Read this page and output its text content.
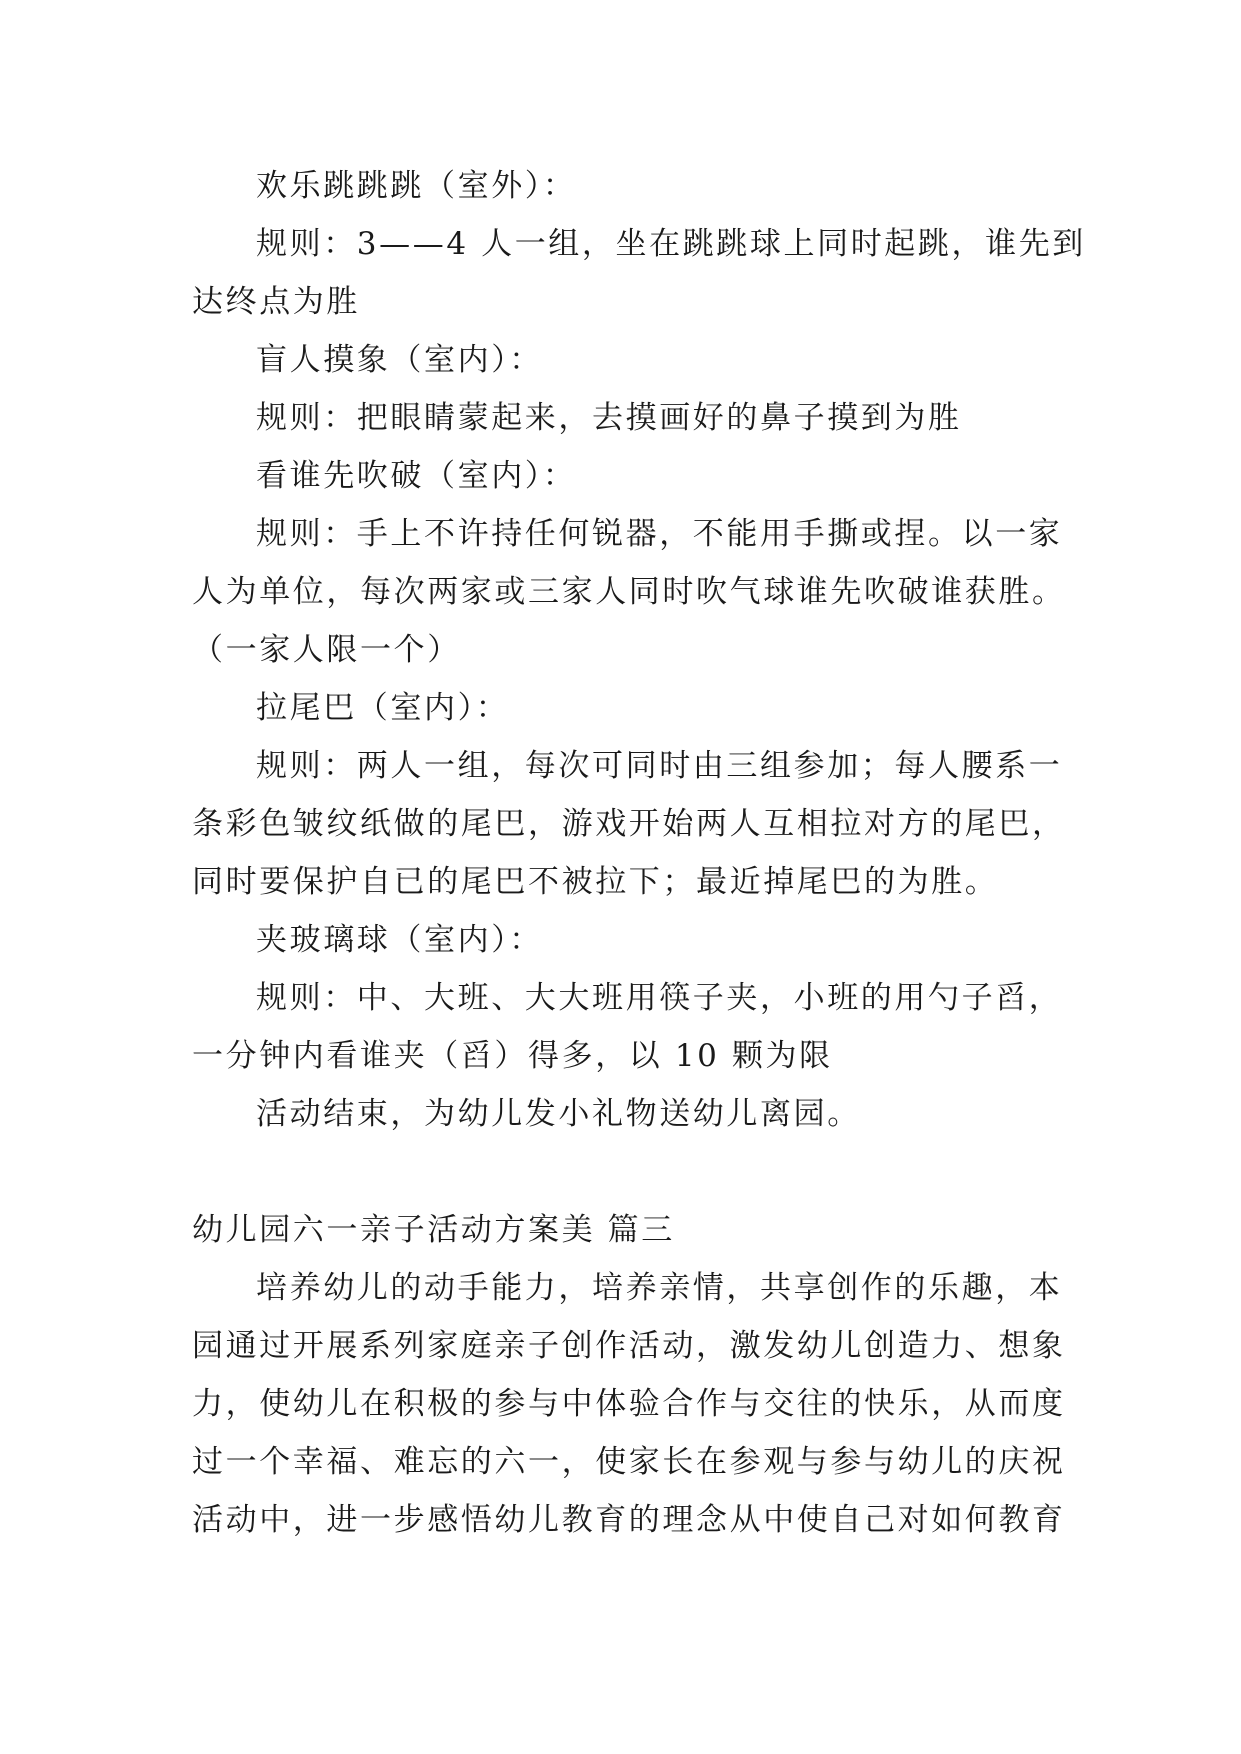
欢乐跳跳跳（室外）：
规则：3——4 人一组，坐在跳跳球上同时起跳，谁先到
达终点为胜
盲人摸象（室内）：
规则：把眼睛蒙起来，去摸画好的鼻子摸到为胜
看谁先吹破（室内）：
规则：手上不许持任何锐器，不能用手撕或捏。以一家
人为单位，每次两家或三家人同时吹气球谁先吹破谁获胜。
（一家人限一个）
拉尾巴（室内）：
规则：两人一组，每次可同时由三组参加；每人腰系一
条彩色皱纹纸做的尾巴，游戏开始两人互相拉对方的尾巴，
同时要保护自已的尾巴不被拉下；最近掉尾巴的为胜。
夹玻璃球（室内）：
规则：中、大班、大大班用筷子夹，小班的用勺子舀，
一分钟内看谁夹（舀）得多，以 10 颗为限
活动结束，为幼儿发小礼物送幼儿离园。
幼儿园六一亲子活动方案美 篇三
培养幼儿的动手能力，培养亲情，共享创作的乐趣，本
园通过开展系列家庭亲子创作活动，激发幼儿创造力、想象
力，使幼儿在积极的参与中体验合作与交往的快乐，从而度
过一个幸福、难忘的六一，使家长在参观与参与幼儿的庆祝
活动中，进一步感悟幼儿教育的理念从中使自己对如何教育
